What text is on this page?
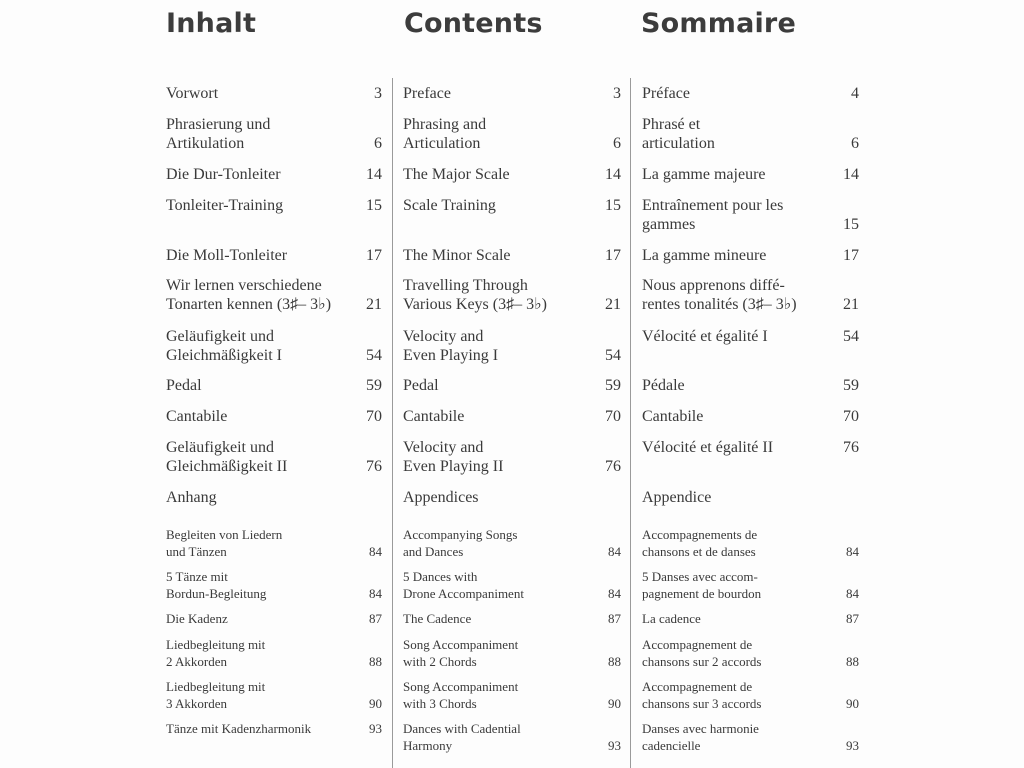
Inhalt	Contents	Sommaire
Vorwort	3
Phrasierung und
Artikulation	6
Die Dur-Tonleiter	14
Tonleiter-Training	15
Die Moll-Tonleiter	17
Wir lernen verschiedene
Tonarten kennen (3♯– 3♭) 21
Geläufigkeit und
Gleichmäßigkeit I	54
Pedal	59
Cantabile	70
Geläufigkeit und
Gleichmäßigkeit II	76
Anhang
Begleiten von Liedern
und Tänzen	84
5 Tänze mit
Bordun-Begleitung	84
Die Kadenz	87
Liedbegleitung mit
2 Akkorden	88
Liedbegleitung mit
3 Akkorden	90
Tänze mit Kadenzharmonik	93
Preface	3
Phrasing and
Articulation	6
The Major Scale	14
Scale Training	15
The Minor Scale	17
Travelling Through
Various Keys (3♯– 3♭)	21
Velocity and
Even Playing I	54
Pedal	59
Cantabile	70
Velocity and
Even Playing II	76
Appendices
Accompanying Songs
and Dances	84
5 Dances with
Drone Accompaniment	84
The Cadence	87
Song Accompaniment
with 2 Chords	88
Song Accompaniment
with 3 Chords	90
Dances with Cadential
Harmony	93
Préface	4
Phrasé et
articulation	6
La gamme majeure	14
Entraînement pour les
gammes	15
La gamme mineure	17
Nous apprenons diffé-
rentes tonalités (3♯– 3♭)	21
Vélocité et égalité I	54
Pédale	59
Cantabile	70
Vélocité et égalité II	76
Appendice
Accompagnements de
chansons et de danses	84
5 Danses avec accom-
pagnement de bourdon	84
La cadence	87
Accompagnement de
chansons sur 2 accords	88
Accompagnement de
chansons sur 3 accords	90
Danses avec harmonie
cadencielle	93
